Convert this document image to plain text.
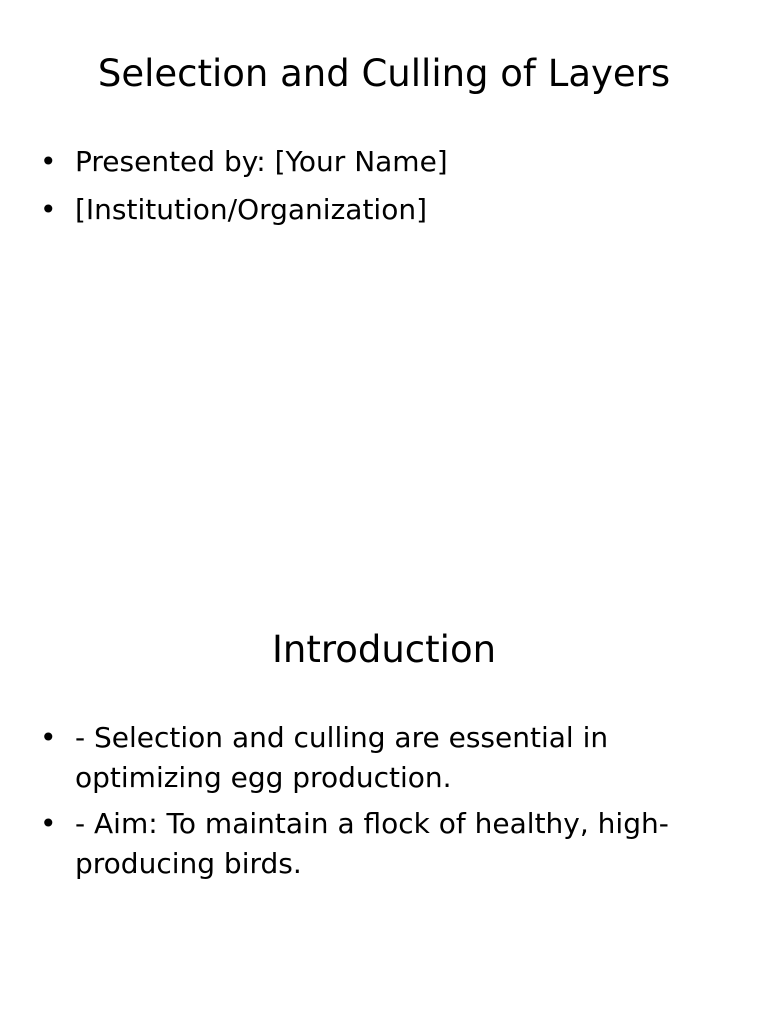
Selection and Culling of Layers
• Presented by: [Your Name]
• [Institution/Organization]
Introduction
• - Selection and culling are essential in optimizing egg production.
• - Aim: To maintain a flock of healthy, high-producing birds.
